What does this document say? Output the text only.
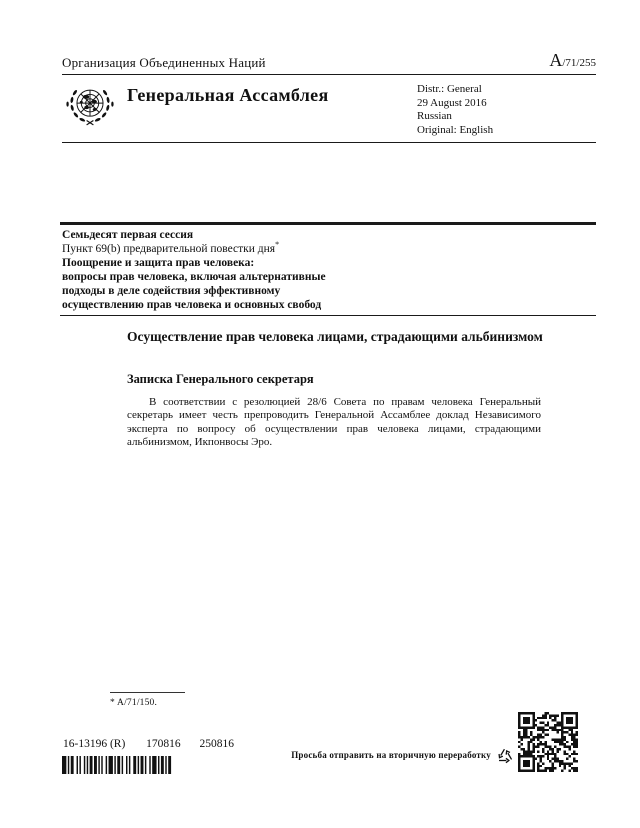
Организация Объединенных Наций	A/71/255
Генеральная Ассамблея	Distr.: General
29 August 2016
Russian
Original: English
Семьдесят первая сессия
Пункт 69(b) предварительной повестки дня*
Поощрение и защита прав человека:
вопросы прав человека, включая альтернативные
подходы в деле содействия эффективному
осуществлению прав человека и основных свобод
Осуществление прав человека лицами, страдающими альбинизмом
Записка Генерального секретаря
В соответствии с резолюцией 28/6 Совета по правам человека Генеральный секретарь имеет честь препроводить Генеральной Ассамблее доклад Независимого эксперта по вопросу об осуществлении прав человека лицами, страдающими альбинизмом, Икпонвосы Эро.
* A/71/150.
16-13196 (R) 170816 250816
Просьба отправить на вторичную переработку
